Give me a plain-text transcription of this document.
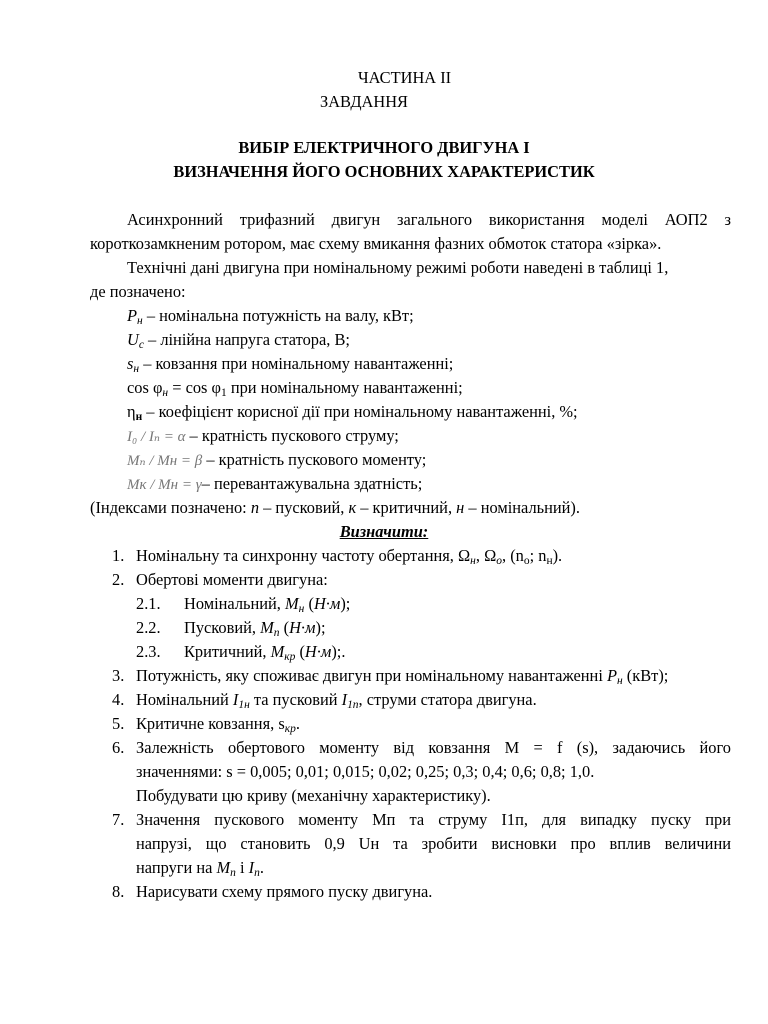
ЧАСТИНА ІІ
ЗАВДАННЯ
ВИБІР ЕЛЕКТРИЧНОГО ДВИГУНА І
ВИЗНАЧЕННЯ ЙОГО ОСНОВНИХ ХАРАКТЕРИСТИК
Асинхронний трифазний двигун загального використання моделі АОП2 з
короткозамкненим ротором, має схему вмикання фазних обмоток статора «зірка».
Технічні дані двигуна при номінальному режимі роботи наведені в таблиці 1,
де позначено:
$P_н$ – номінальна потужність на валу, кВт;
$U_с$ – лінійна напруга статора, В;
$s_н$ – ковзання при номінальному навантаженні;
$\cos \varphi_н = \cos \varphi_1$ при номінальному навантаженні;
$\eta_н$ – коефіцієнт корисної дії при номінальному навантаженні, %;
I₀ / Iₙ = α – кратність пускового струму;
Mₙ / Mн = β – кратність пускового моменту;
Mк / Mн = γ– перевантажувальна здатність;
(Індексами позначено: п – пусковий, к – критичний, н – номінальний).
Визначити:
1. Номінальну та синхронну частоту обертання, $\Omega_н$, $\Omega_о$, ($n_о$; $n_н$).
2. Обертові моменти двигуна:
2.1. Номінальний, $М_н$ (Н·м);
2.2. Пусковий, $М_п$ (Н·м);
2.3. Критичний, $М_{кр}$ (Н·м);.
3. Потужність, яку споживає двигун при номінальному навантаженні $P_н$ (кВт);
4. Номінальний $I_{1н}$ та пусковий $I_{1п}$, струми статора двигуна.
5. Критичне ковзання, $s_{кр}$.
6. Залежність обертового моменту від ковзання M = f (s), задаючись його
значеннями: s = 0,005; 0,01; 0,015; 0,02; 0,25; 0,3; 0,4; 0,6; 0,8; 1,0.
Побудувати цю криву (механічну характеристику).
7. Значення пускового моменту Мп та струму І1п, для випадку пуску при
напрузі, що становить 0,9 Uн та зробити висновки про вплив величини
напруги на $М_п$ і $І_п$.
8. Нарисувати схему прямого пуску двигуна.
